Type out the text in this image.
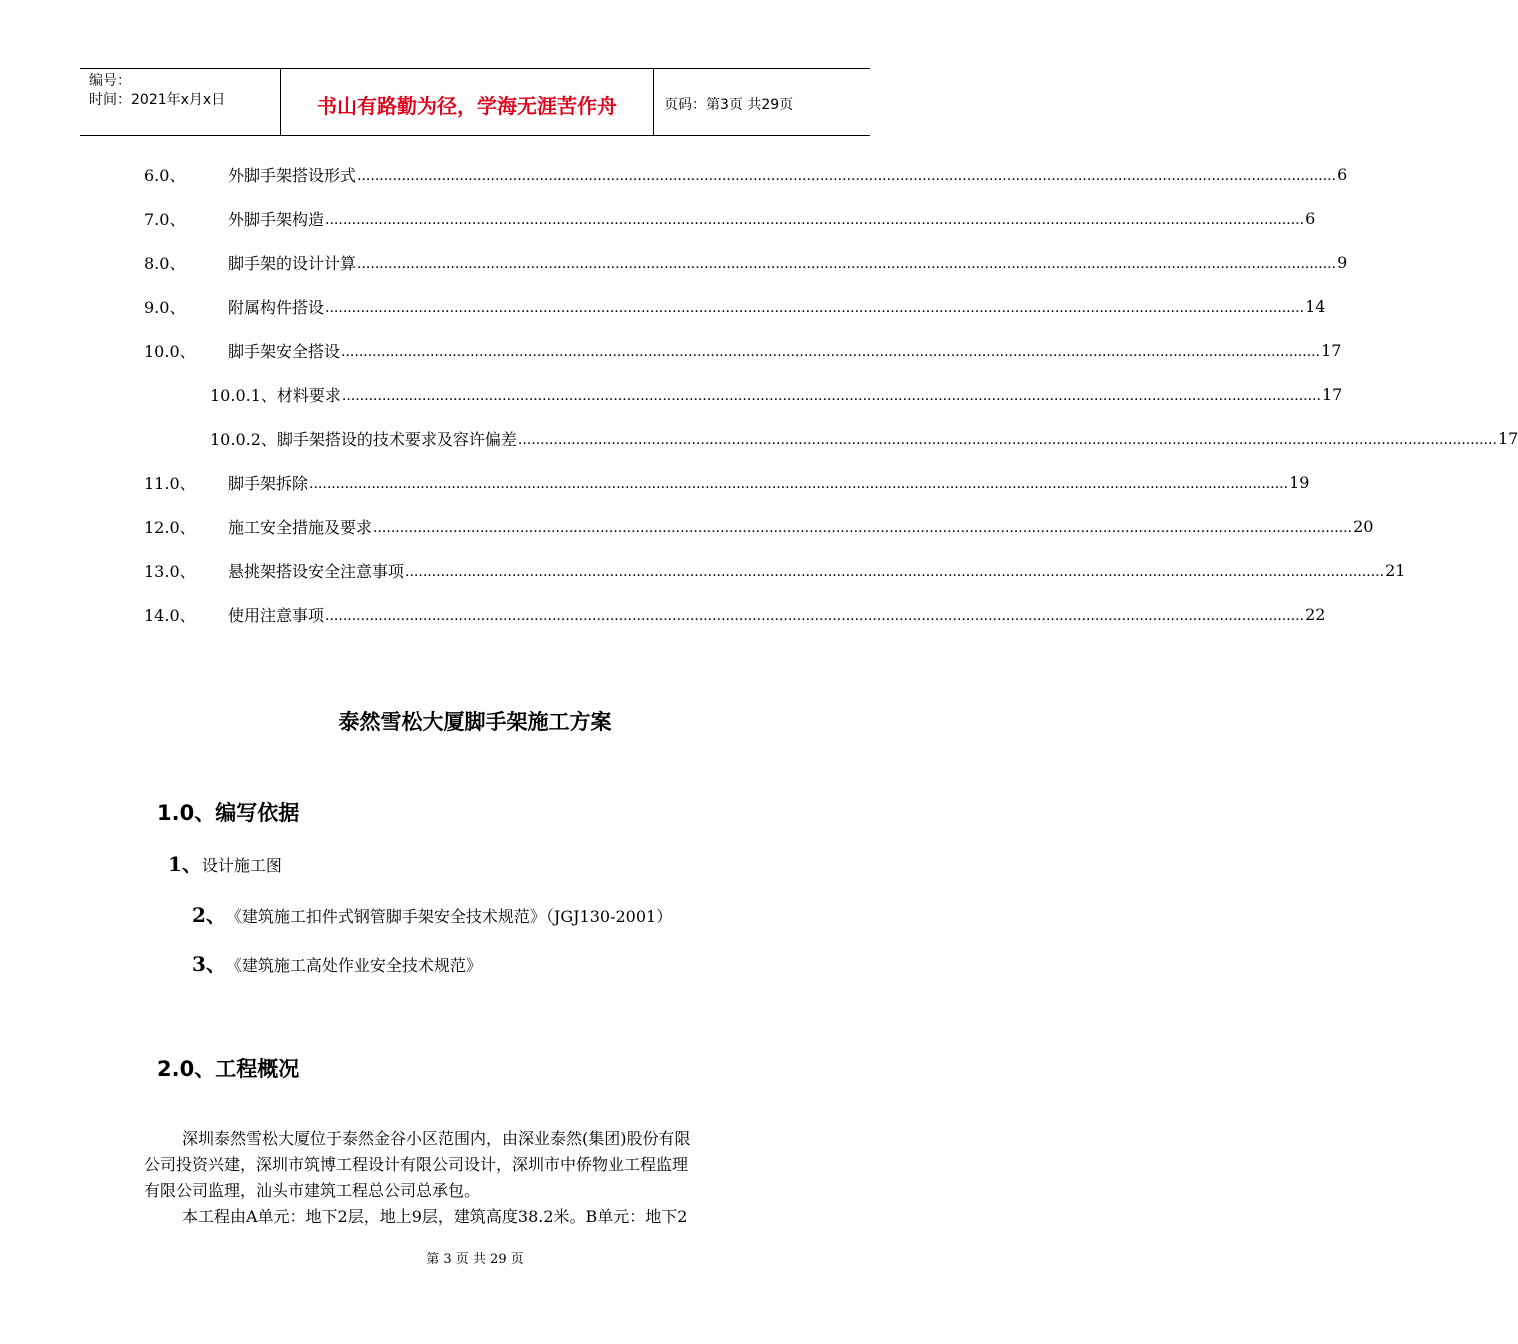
编号：
时间：2021年x月x日	书山有路勤为径，学海无涯苦作舟	页码：第3页 共29页
6.0、	外脚手架搭设形式 ............................................................................................................................................................................................................................ 6
7.0、	外脚手架构造 ............................................................................................................................................................................................................................ 6
8.0、	脚手架的设计计算 ............................................................................................................................................................................................................................ 9
9.0、	附属构件搭设 ............................................................................................................................................................................................................................ 14
10.0、	脚手架安全搭设 ............................................................................................................................................................................................................................ 17
10.0.1、材料要求 ............................................................................................................................................................................................................................ 17
10.0.2、脚手架搭设的技术要求及容许偏差 ............................................................................................................................................................................................................................ 17
11.0、	脚手架拆除 ............................................................................................................................................................................................................................ 19
12.0、	施工安全措施及要求 ............................................................................................................................................................................................................................ 20
13.0、	悬挑架搭设安全注意事项 ............................................................................................................................................................................................................................ 21
14.0、	使用注意事项 ............................................................................................................................................................................................................................ 22
泰然雪松大厦脚手架施工方案
1.0、编写依据
1、 设计施工图
2、 《建筑施工扣件式钢管脚手架安全技术规范》（JGJ130-2001）
3、 《建筑施工高处作业安全技术规范》
2.0、工程概况
深圳泰然雪松大厦位于泰然金谷小区范围内，由深业泰然(集团)股份有限
公司投资兴建，深圳市筑博工程设计有限公司设计，深圳市中侨物业工程监理
有限公司监理，汕头市建筑工程总公司总承包。
本工程由A单元：地下2层，地上9层，建筑高度38.2米。B单元：地下2
第 3 页 共 29 页
